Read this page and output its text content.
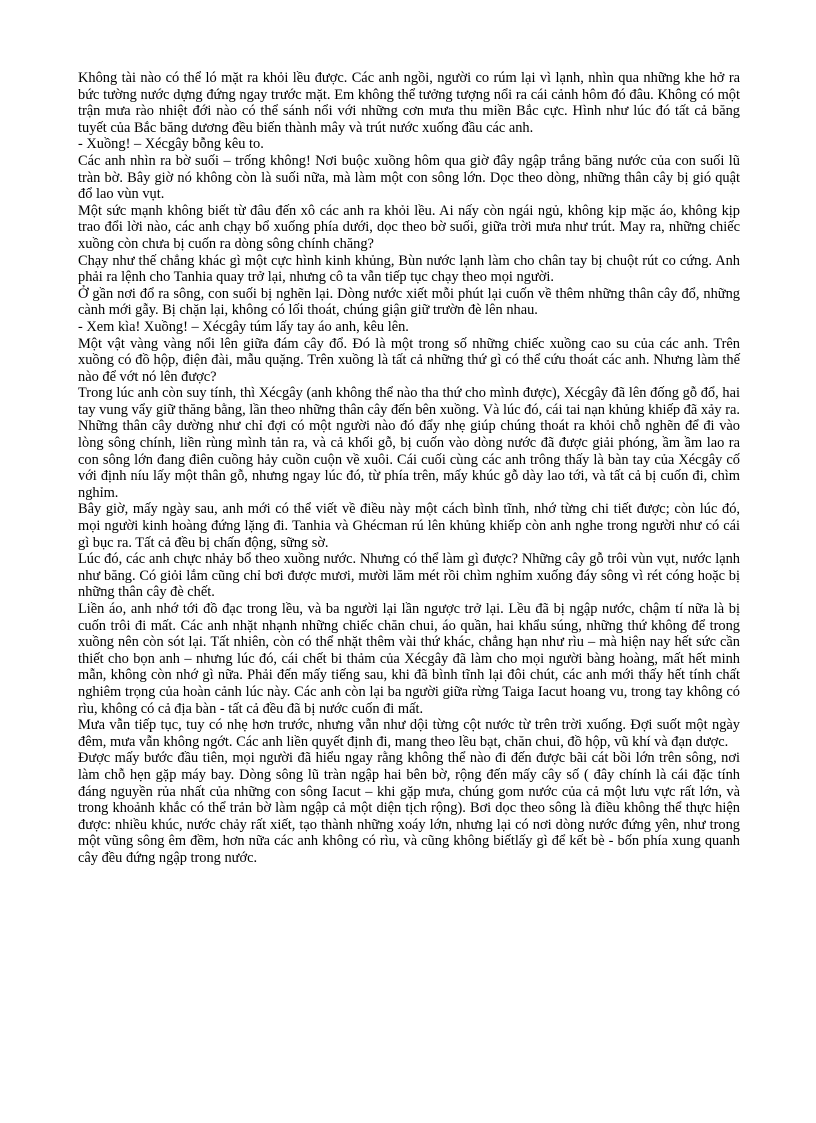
Không tài nào có thể ló mặt ra khỏi lều được. Các anh ngồi, người co rúm lại vì lạnh, nhìn qua những khe hở ra bức tường nước dựng đứng ngay trước mặt. Em không thể tưởng tượng nổi ra cái cảnh hôm đó đâu. Không có một trận mưa rào nhiệt đới nào có thể sánh nổi với những cơn mưa thu miền Bắc cực. Hình như lúc đó tất cả băng tuyết của Bắc băng dương đều biến thành mây và trút nước xuống đầu các anh.

- Xuồng! – Xécgây bỗng kêu to.

Các anh nhìn ra bờ suối – trống không! Nơi buộc xuồng hôm qua giờ đây ngập trắng băng nước của con suối lũ tràn bờ. Bây giờ nó không còn là suối nữa, mà làm một con sông lớn. Dọc theo dòng, những thân cây bị gió quật đổ lao vùn vụt.

Một sức mạnh không biết từ đâu đến xô các anh ra khỏi lều. Ai nấy còn ngái ngủ, không kịp mặc áo, không kịp trao đổi lời nào, các anh chạy bổ xuống phía dưới, dọc theo bờ suối, giữa trời mưa như trút. May ra, những chiếc xuồng còn chưa bị cuốn ra dòng sông chính chăng?

Chạy như thế chẳng khác gì một cực hình kinh khủng, Bùn nước lạnh làm cho chân tay bị chuột rút co cứng. Anh phải ra lệnh cho Tanhia quay trở lại, nhưng cô ta vẫn tiếp tục chạy theo mọi người.

Ở gần nơi đổ ra sông, con suối bị nghẽn lại. Dòng nước xiết mỗi phút lại cuốn về thêm những thân cây đổ, những cành mới gẫy. Bị chặn lại, không có lối thoát, chúng giận giữ trườn đè lên nhau.

- Xem kìa! Xuồng! – Xécgây túm lấy tay áo anh, kêu lên.

Một vật vàng vàng nổi lên giữa đám cây đổ. Đó là một trong số những chiếc xuồng cao su của các anh. Trên xuồng có đồ hộp, điện đài, mẫu quặng. Trên xuồng là tất cả những thứ gì có thể cứu thoát các anh. Nhưng làm thế nào để vớt nó lên được?

Trong lúc anh còn suy tính, thì Xécgây (anh không thể nào tha thứ cho mình được), Xécgây đã lên đống gỗ đổ, hai tay vung vẩy giữ thăng bằng, lần theo những thân cây đến bên xuồng. Và lúc đó, cái tai nạn khủng khiếp đã xảy ra. Những thân cây dường như chỉ đợi có một người nào đó đẩy nhẹ giúp chúng thoát ra khỏi chỗ nghẽn để đi vào lòng sông chính, liền rùng mình tản ra, và cả khối gỗ, bị cuốn vào dòng nước đã được giải phóng, ầm ầm lao ra con sông lớn đang điên cuồng hảy cuồn cuộn về xuôi. Cái cuối cùng các anh trông thấy là bàn tay của Xécgây cố với định níu lấy một thân gỗ, nhưng ngay lúc đó, từ phía trên, mấy khúc gỗ dày lao tới, và tất cả bị cuốn đi, chìm nghỉm.

Bây giờ, mấy ngày sau, anh mới có thể viết về điều này một cách bình tĩnh, nhớ từng chi tiết được; còn lúc đó, mọi người kinh hoàng đứng lặng đi. Tanhia và Ghécman rú lên khủng khiếp còn anh nghe trong người như có cái gì bục ra. Tất cả đều bị chấn động, sững sờ.

Lúc đó, các anh chực nhảy bổ theo xuồng nước. Nhưng có thể làm gì được? Những cây gỗ trôi vùn vụt, nước lạnh như băng. Có giỏi lắm cũng chỉ bơi được mươi, mười lăm mét rồi chìm nghỉm xuống đáy sông vì rét cóng hoặc bị những thân cây đè chết.

Liền áo, anh nhớ tới đồ đạc trong lều, và ba người lại lần ngược trở lại. Lều đã bị ngập nước, chậm tí nữa là bị cuốn trôi đi mất. Các anh nhặt nhạnh những chiếc chăn chui, áo quần, hai khẩu súng, những thứ không để trong xuồng nên còn sót lại. Tất nhiên, còn có thể nhặt thêm vài thứ khác, chẳng hạn như rìu – mà hiện nay hết sức cần thiết cho bọn anh – nhưng lúc đó, cái chết bi thảm của Xécgây đã làm cho mọi người bàng hoàng, mất hết minh mẫn, không còn nhớ gì nữa. Phải đến mấy tiếng sau, khi đã bình tĩnh lại đôi chút, các anh mới thấy hết tính chất nghiêm trọng của hoàn cảnh lúc này. Các anh còn lại ba người giữa rừng Taiga Iacut hoang vu, trong tay không có rìu, không có cả địa bàn - tất cả đều đã bị nước cuốn đi mất.

Mưa vẫn tiếp tục, tuy có nhẹ hơn trước, nhưng vẫn như dội từng cột nước từ trên trời xuống. Đợi suốt một ngày đêm, mưa vẫn không ngớt. Các anh liền quyết định đi, mang theo lều bạt, chăn chui, đồ hộp, vũ khí và đạn dược.

Được mấy bước đầu tiên, mọi người đã hiểu ngay rằng không thể nào đi đến được bãi cát bồi lớn trên sông, nơi làm chỗ hẹn gặp máy bay. Dòng sông lũ tràn ngập hai bên bờ, rộng đến mấy cây số ( đây chính là cái đặc tính đáng nguyền rủa nhất của những con sông Iacut – khi gặp mưa, chúng gom nước của cả một lưu vực rất lớn, và trong khoảnh khắc có thể trản bờ làm ngập cả một diện tịch rộng). Bơi dọc theo sông là điều không thể thực hiện được: nhiều khúc, nước chảy rất xiết, tạo thành những xoáy lớn, nhưng lại có nơi dòng nước đứng yên, như trong một vũng sông êm đềm, hơn nữa các anh không có rìu, và cũng không biếtlấy gì để kết bè - bốn phía xung quanh cây đều đứng ngập trong nước.
